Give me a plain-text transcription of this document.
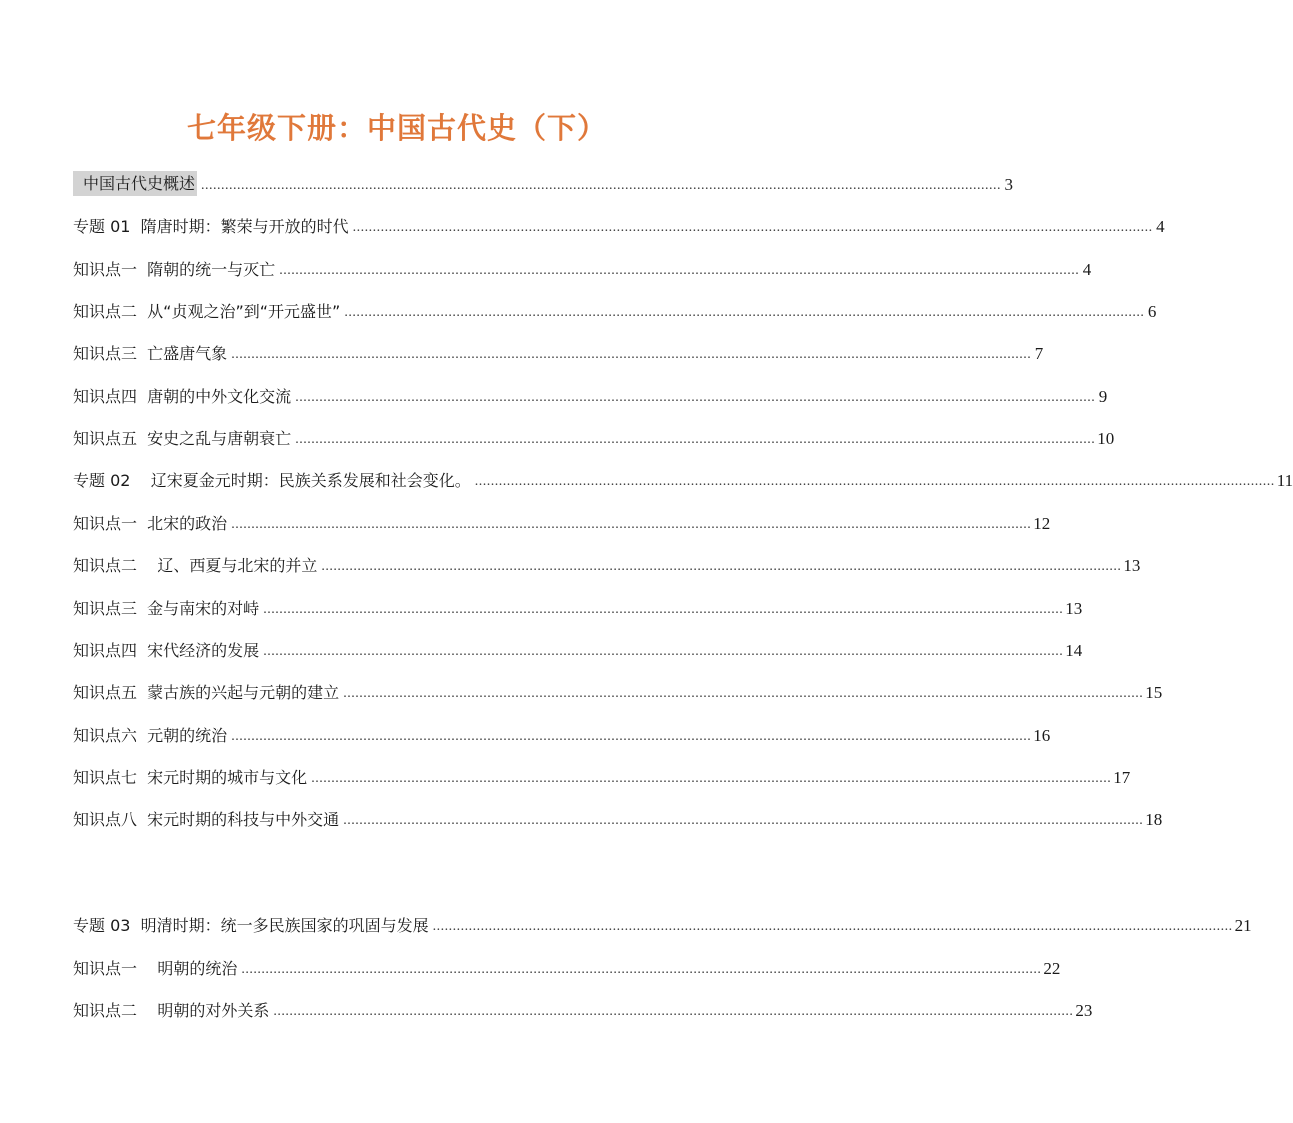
七年级下册：中国古代史（下）
中国古代史概述 ........................................................................................................................................................................................................ 3
专题 01  隋唐时期：繁荣与开放的时代 ........................................................................................................................................................................................................ 4
知识点一  隋朝的统一与灭亡 ........................................................................................................................................................................................................ 4
知识点二  从“贞观之治”到“开元盛世” ........................................................................................................................................................................................................ 6
知识点三  亡盛唐气象 ........................................................................................................................................................................................................ 7
知识点四  唐朝的中外文化交流 ........................................................................................................................................................................................................ 9
知识点五  安史之乱与唐朝衰亡 ........................................................................................................................................................................................................ 10
专题 02    辽宋夏金元时期：民族关系发展和社会变化。 ........................................................................................................................................................................................................ 11
知识点一  北宋的政治 ........................................................................................................................................................................................................ 12
知识点二    辽、西夏与北宋的并立 ........................................................................................................................................................................................................ 13
知识点三  金与南宋的对峙 ........................................................................................................................................................................................................ 13
知识点四  宋代经济的发展 ........................................................................................................................................................................................................ 14
知识点五  蒙古族的兴起与元朝的建立 ........................................................................................................................................................................................................ 15
知识点六  元朝的统治 ........................................................................................................................................................................................................ 16
知识点七  宋元时期的城市与文化 ........................................................................................................................................................................................................ 17
知识点八  宋元时期的科技与中外交通 ........................................................................................................................................................................................................ 18
专题 03  明清时期：统一多民族国家的巩固与发展 ........................................................................................................................................................................................................ 21
知识点一    明朝的统治 ........................................................................................................................................................................................................ 22
知识点二    明朝的对外关系 ........................................................................................................................................................................................................ 23
